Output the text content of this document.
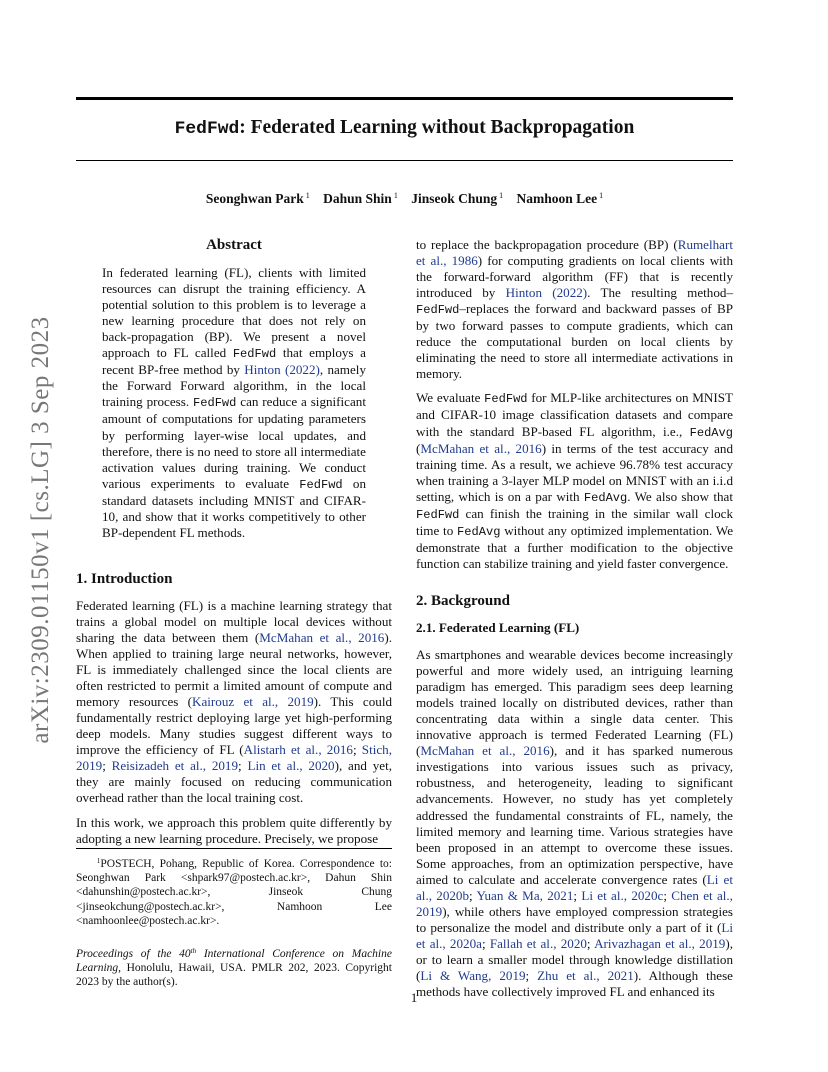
arXiv:2309.01150v1 [cs.LG] 3 Sep 2023
FedFwd: Federated Learning without Backpropagation
Seonghwan Park $^1$ Dahun Shin $^1$ Jinseok Chung $^1$ Namhoon Lee $^1$
Abstract

In federated learning (FL), clients with limited resources can disrupt the training efficiency. A potential solution to this problem is to leverage a new learning procedure that does not rely on back-propagation (BP). We present a novel approach to FL called FedFwd that employs a recent BP-free method by Hinton (2022), namely the Forward Forward algorithm, in the local training process. FedFwd can reduce a significant amount of computations for updating parameters by performing layer-wise local updates, and therefore, there is no need to store all intermediate activation values during training. We conduct various experiments to evaluate FedFwd on standard datasets including MNIST and CIFAR-10, and show that it works competitively to other BP-dependent FL methods.

1. Introduction

Federated learning (FL) is a machine learning strategy that trains a global model on multiple local devices without sharing the data between them (McMahan et al., 2016). When applied to training large neural networks, however, FL is immediately challenged since the local clients are often restricted to permit a limited amount of compute and memory resources (Kairouz et al., 2019). This could fundamentally restrict deploying large yet high-performing deep models. Many studies suggest different ways to improve the efficiency of FL (Alistarh et al., 2016; Stich, 2019; Reisizadeh et al., 2019; Lin et al., 2020), and yet, they are mainly focused on reducing communication overhead rather than the local training cost.

In this work, we approach this problem quite differently by adopting a new learning procedure. Precisely, we propose

$^1$POSTECH, Pohang, Republic of Korea. Correspondence to: Seonghwan Park <shpark97@postech.ac.kr>, Dahun Shin <dahunshin@postech.ac.kr>, Jinseok Chung <jinseokchung@postech.ac.kr>, Namhoon Lee <namhoonlee@postech.ac.kr>.

Proceedings of the 40th International Conference on Machine Learning, Honolulu, Hawaii, USA. PMLR 202, 2023. Copyright 2023 by the author(s).

to replace the backpropagation procedure (BP) (Rumelhart et al., 1986) for computing gradients on local clients with the forward-forward algorithm (FF) that is recently introduced by Hinton (2022). The resulting method–FedFwd–replaces the forward and backward passes of BP by two forward passes to compute gradients, which can reduce the computational burden on local clients by eliminating the need to store all intermediate activations in memory.

We evaluate FedFwd for MLP-like architectures on MNIST and CIFAR-10 image classification datasets and compare with the standard BP-based FL algorithm, i.e., FedAvg (McMahan et al., 2016) in terms of the test accuracy and training time. As a result, we achieve 96.78% test accuracy when training a 3-layer MLP model on MNIST with an i.i.d setting, which is on a par with FedAvg. We also show that FedFwd can finish the training in the similar wall clock time to FedAvg without any optimized implementation. We demonstrate that a further modification to the objective function can stabilize training and yield faster convergence.

2. Background
2.1. Federated Learning (FL)

As smartphones and wearable devices become increasingly powerful and more widely used, an intriguing learning paradigm has emerged. This paradigm sees deep learning models trained locally on distributed devices, rather than concentrating data within a single data center. This innovative approach is termed Federated Learning (FL) (McMahan et al., 2016), and it has sparked numerous investigations into various issues such as privacy, robustness, and heterogeneity, leading to significant advancements. However, no study has yet completely addressed the fundamental constraints of FL, namely, the limited memory and learning time. Various strategies have been proposed in an attempt to overcome these issues. Some approaches, from an optimization perspective, have aimed to calculate and accelerate convergence rates (Li et al., 2020b; Yuan & Ma, 2021; Li et al., 2020c; Chen et al., 2019), while others have employed compression strategies to personalize the model and distribute only a part of it (Li et al., 2020a; Fallah et al., 2020; Arivazhagan et al., 2019), or to learn a smaller model through knowledge distillation (Li & Wang, 2019; Zhu et al., 2021). Although these methods have collectively improved FL and enhanced its

1
